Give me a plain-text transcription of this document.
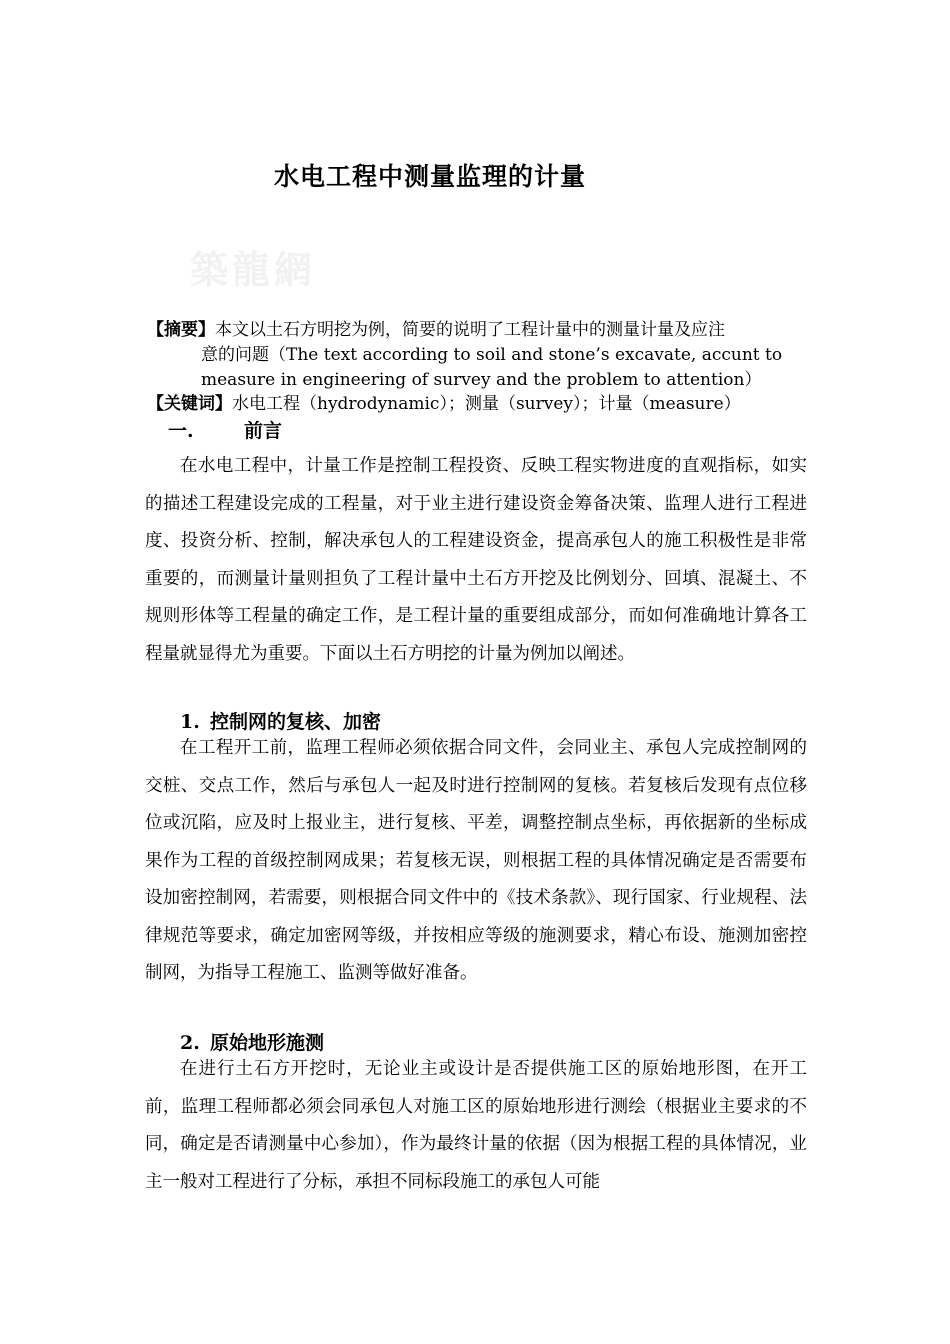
水电工程中测量监理的计量
築龍網
【摘要】本文以土石方明挖为例，简要的说明了工程计量中的测量计量及应注
意的问题（The text according to soil and stone’s excavate, accunt to measure in engineering of survey and the problem to attention）
【关键词】水电工程（hydrodynamic）；测量（survey）；计量（measure）
一.	前言

在水电工程中，计量工作是控制工程投资、反映工程实物进度的直观指标，如实的描述工程建设完成的工程量，对于业主进行建设资金筹备决策、监理人进行工程进度、投资分析、控制，解决承包人的工程建设资金，提高承包人的施工积极性是非常重要的，而测量计量则担负了工程计量中土石方开挖及比例划分、回填、混凝土、不规则形体等工程量的确定工作，是工程计量的重要组成部分，而如何准确地计算各工程量就显得尤为重要。下面以土石方明挖的计量为例加以阐述。

1. 控制网的复核、加密

在工程开工前，监理工程师必须依据合同文件，会同业主、承包人完成控制网的交桩、交点工作，然后与承包人一起及时进行控制网的复核。若复核后发现有点位移位或沉陷，应及时上报业主，进行复核、平差，调整控制点坐标，再依据新的坐标成果作为工程的首级控制网成果；若复核无误，则根据工程的具体情况确定是否需要布设加密控制网，若需要，则根据合同文件中的《技术条款》、现行国家、行业规程、法律规范等要求，确定加密网等级，并按相应等级的施测要求，精心布设、施测加密控制网，为指导工程施工、监测等做好准备。

2. 原始地形施测

在进行土石方开挖时，无论业主或设计是否提供施工区的原始地形图，在开工前，监理工程师都必须会同承包人对施工区的原始地形进行测绘（根据业主要求的不同，确定是否请测量中心参加），作为最终计量的依据（因为根据工程的具体情况，业主一般对工程进行了分标，承担不同标段施工的承包人可能
